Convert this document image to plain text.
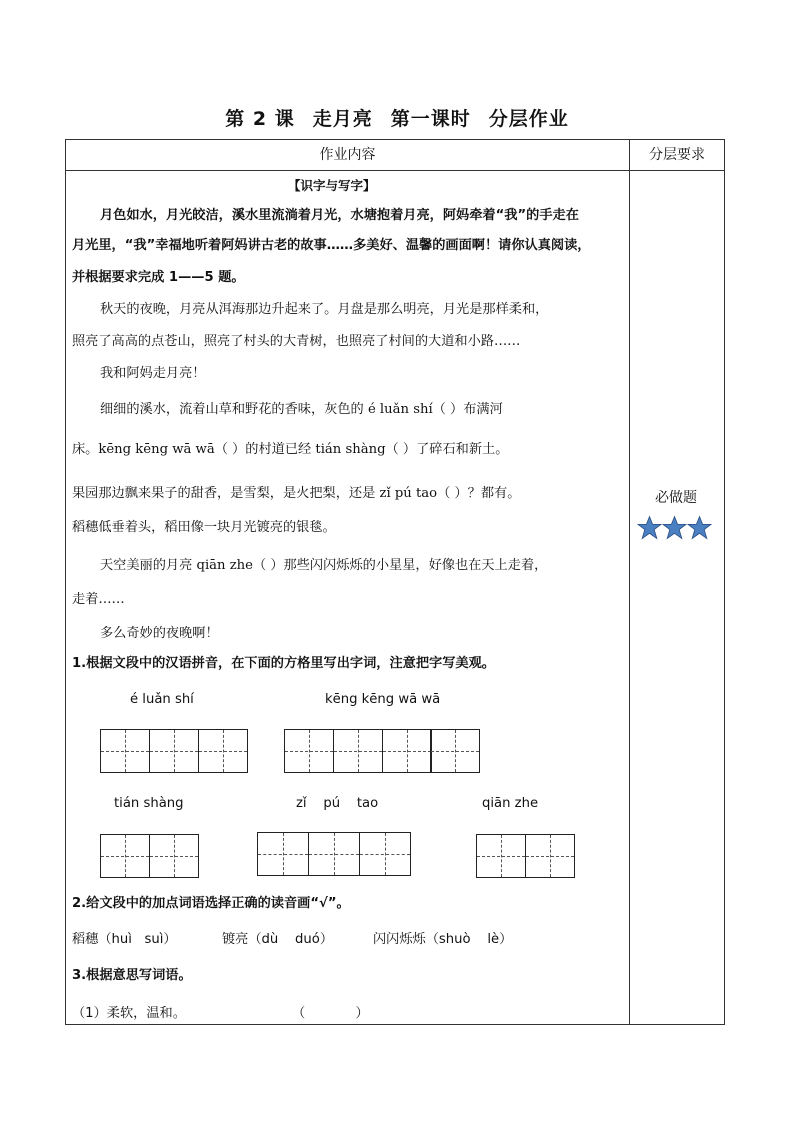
第 2 课 走月亮 第一课时 分层作业
作业内容	分层要求
【识字与写字】
月色如水，月光皎洁，溪水里流淌着月光，水塘抱着月亮，阿妈牵着“我”的手走在
月光里，“我”幸福地听着阿妈讲古老的故事……多美好、温馨的画面啊！请你认真阅读，
并根据要求完成 1——5 题。
秋天的夜晚，月亮从洱海那边升起来了。月盘是那么明亮，月光是那样柔和，
照亮了高高的点苍山，照亮了村头的大青树，也照亮了村间的大道和小路……
我和阿妈走月亮！
细细的溪水，流着山草和野花的香味，灰色的 é luǎn shí（ ）布满河
床。kēng kēng wā wā（ ）的村道已经 tián shàng（ ）了碎石和新土。
果园那边飘来果子的甜香，是雪梨，是火把梨，还是 zǐ pú tao（ ）？都有。
稻穗低垂着头，稻田像一块月光镀亮的银毯。
天空美丽的月亮 qiān zhe（ ）那些闪闪烁烁的小星星，好像也在天上走着，
走着……
多么奇妙的夜晚啊！
1.根据文段中的汉语拼音，在下面的方格里写出字词，注意把字写美观。
é luǎn shí	kēng kēng wā wā
tián shàng	zǐ    pú    tao	qiān zhe
2.给文段中的加点词语选择正确的读音画“√”。
稻穗（huì   suì）	镀亮（dù    duó）	闪闪烁烁（shuò    lè）
3.根据意思写词语。
（1）柔软，温和。	（            ）
必做题
